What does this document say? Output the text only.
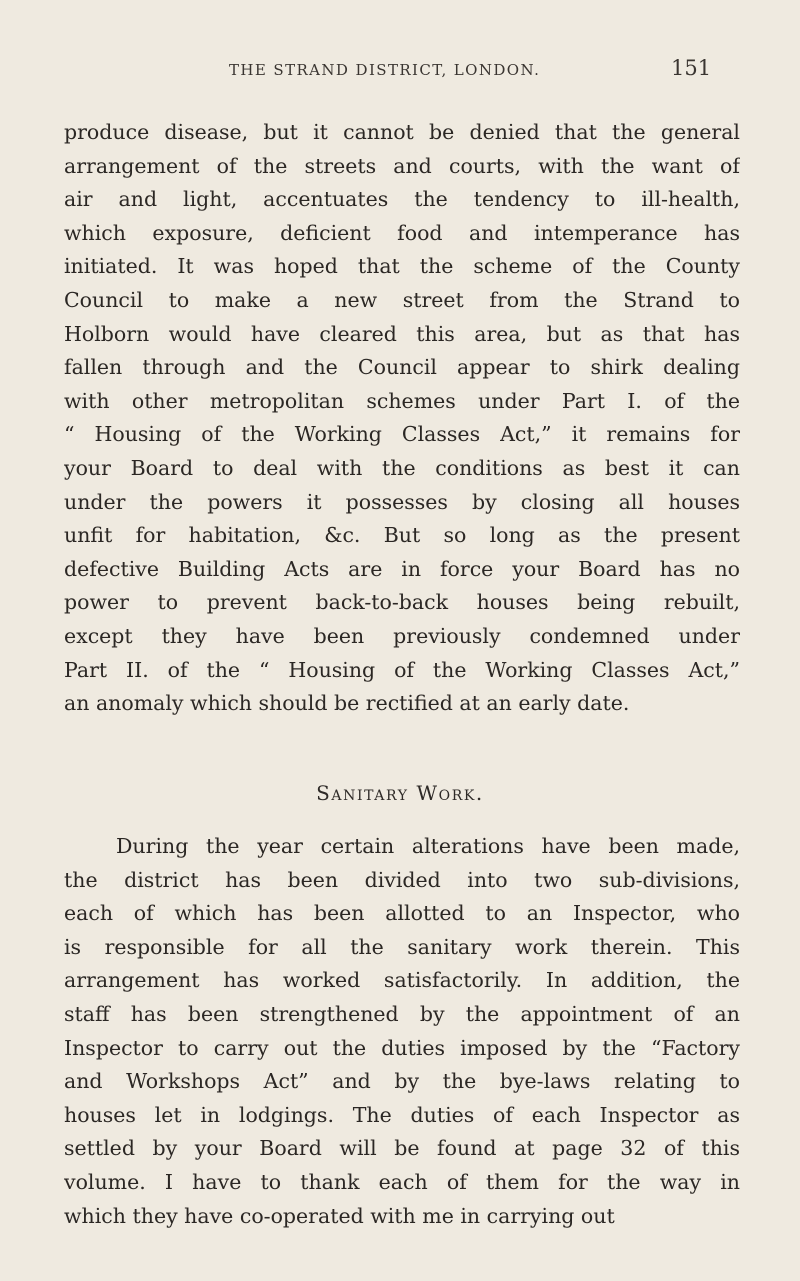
THE STRAND DISTRICT, LONDON.	151
produce disease, but it cannot be denied that the general
arrangement of the streets and courts, with the want of
air and light, accentuates the tendency to ill-health,
which exposure, deficient food and intemperance has
initiated. It was hoped that the scheme of the County
Council to make a new street from the Strand to
Holborn would have cleared this area, but as that has
fallen through and the Council appear to shirk dealing
with other metropolitan schemes under Part I. of the
“ Housing of the Working Classes Act,” it remains for
your Board to deal with the conditions as best it can
under the powers it possesses by closing all houses
unfit for habitation, &c. But so long as the present
defective Building Acts are in force your Board has no
power to prevent back-to-back houses being rebuilt,
except they have been previously condemned under
Part II. of the “ Housing of the Working Classes Act,”
an anomaly which should be rectified at an early date.
Sanitary Work.
During the year certain alterations have been made,
the district has been divided into two sub-divisions,
each of which has been allotted to an Inspector, who
is responsible for all the sanitary work therein. This
arrangement has worked satisfactorily. In addition, the
staff has been strengthened by the appointment of an
Inspector to carry out the duties imposed by the “Factory
and Workshops Act” and by the bye-laws relating to
houses let in lodgings. The duties of each Inspector as
settled by your Board will be found at page 32 of this
volume. I have to thank each of them for the way in
which they have co-operated with me in carrying out
